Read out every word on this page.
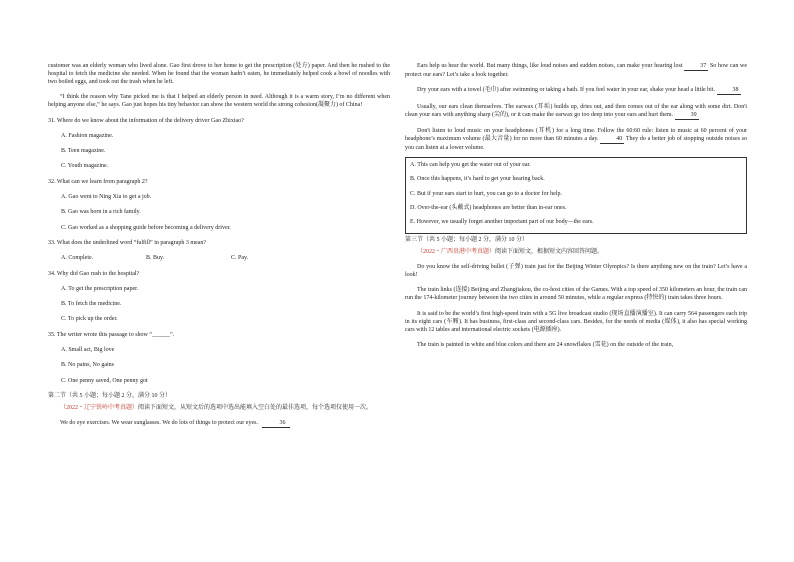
customer was an elderly woman who lived alone. Gao first drove to her home to get the prescription (处方) paper. And then he rushed to the hospital to fetch the medicine she needed. When he found that the woman hadn’t eaten, he immediately helped cook a bowl of noodles with two boiled eggs, and took out the trash when he left.

“I think the reason why Tane picked me is that I helped an elderly person in need. Although it is a warm story, I’m no different when helping anyone else,” he says. Gao just hopes his tiny behavior can show the western world the strong cohesion(凝聚力) of China!

31. Where do we know about the information of the delivery driver Gao Zhixiao?

A. Fashion magazine.

B. Teen magazine.

C. Youth magazine.

32. What can we learn from paragraph 2?

A. Gao went to Ning Xia to get a job.

B. Gao was born in a rich family.

C. Gao worked as a shopping guide before becoming a delivery driver.

33. What does the underlined word “fulfill” in paragraph 3 mean?

A. Complete.	B. Buy.	C. Pay.

34. Why did Gao rush to the hospital?

A. To get the prescription paper.

B. To fetch the medicine.

C. To pick up the order.

35. The writer wrote this passage to show “______”.

A. Small act, Big love

B. No pains, No gains

C. One penny saved, One penny got

第二节（共 5 小题；每小题 2 分，满分 10 分）

（2022・辽宁铁岭中考真题）阅读下面短文，从短文后的选项中选出能填入空白处的最佳选项，每个选项仅使用一次。

We do eye exercises. We wear sunglasses. We do lots of things to protect our eyes.	36

Ears help us hear the world. But many things, like loud noises and sudden noises, can make your hearing lost	37 So how can we protect our ears? Let’s take a look together.

Dry your ears with a towel (毛巾) after swimming or taking a bath. If you feel water in your ear, shake your head a little bit.	38

Usually, our ears clean themselves. The earwax (耳垢) builds up, dries out, and then comes out of the ear along with some dirt. Don't clean your ears with anything sharp (尖的), or it can make the earwax go too deep into your ears and hurt them.	39

Don't listen to loud music on your headphones (耳机) for a long time. Follow the 60:60 rule: listen to music at 60 percent of your headphone’s maximum volume (最大音量) for no more than 60 minutes a day.	40 They do a better job of stopping outside noises so you can listen at a lower volume.

A. This can help you get the water out of your ear.

B. Once this happens, it’s hard to get your hearing back.

C. But if your ears start to hurt, you can go to a doctor for help.

D. Over-the-ear (头戴式) headphones are better than in-ear ones.

E. However, we usually forget another important part of our body—the ears.

第三节（共 5 小题；每小题 2 分，满分 10 分）

（2022・广西贵港中考真题）阅读下面短文，根据短文内容回答问题。

Do you know the self-driving bullet (子弹) train just for the Beijing Winter Olympics? Is there anything new on the train? Let’s have a look!

The train links (连接) Beijing and Zhangjiakou, the co-host cities of the Games. With a top speed of 350 kilometers an hour, the train can run the 174-kilometer journey between the two cities in around 50 minutes, while a regular express (特快的) train takes three hours.

It is said to be the world’s first high-speed train with a 5G live broadcast studio (现场直播演播室). It can carry 564 passengers each trip in its eight cars (车厢). It has business, first-class and second-class cars. Besides, for the needs of media (媒体), it also has special working cars with 12 tables and international electric sockets (电源插座).

The train is painted in white and blue colors and there are 24 snowflakes (雪花) on the outside of the train,
